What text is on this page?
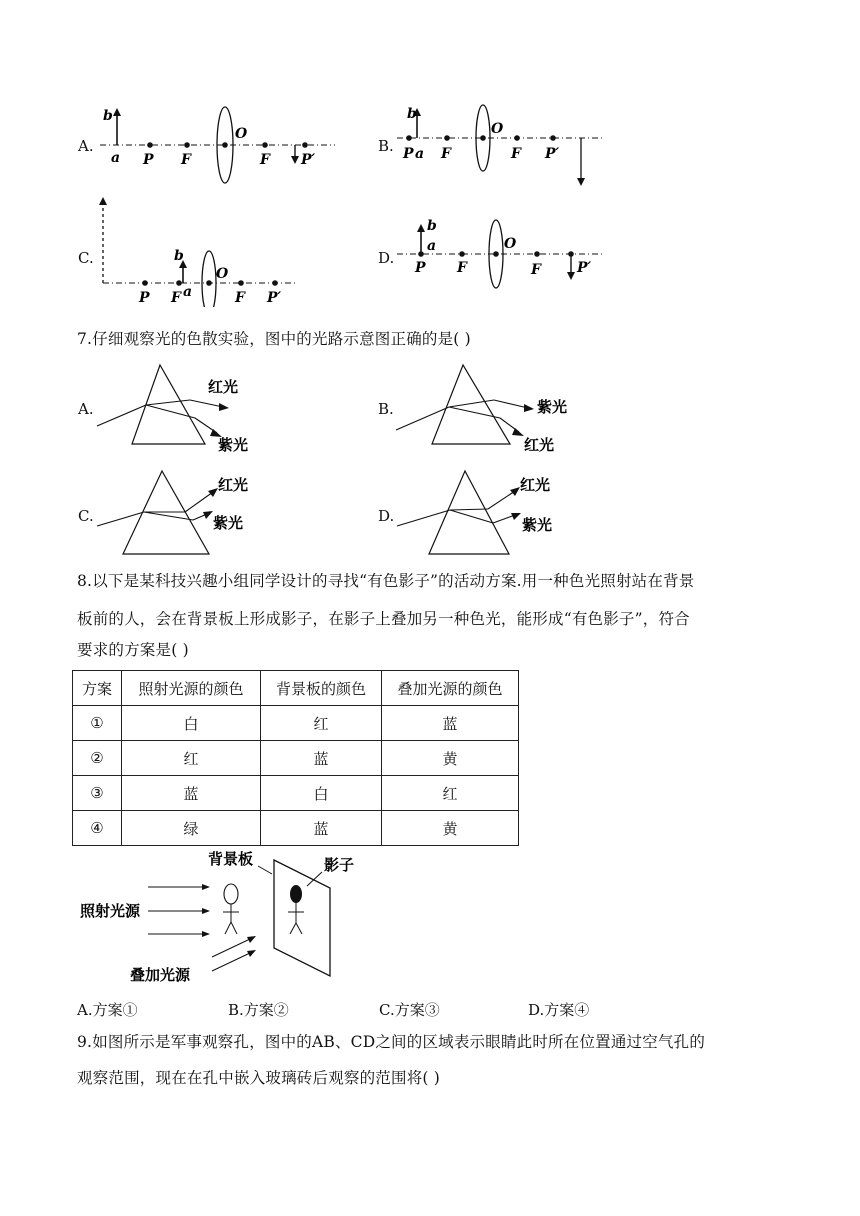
A.
b
a P F
O
F P′
B.
b
P a F
O
F P′
C.	b
P F a
O
F P′
D.
b
a
P F
O
F	P′
7.仔细观察光的色散实验，图中的光路示意图正确的是( )
A.
红光
紫光
B.	紫光
红光
C.
红光
紫光	D.
红光
紫光
8.以下是某科技兴趣小组同学设计的寻找“有色影子”的活动方案.用一种色光照射站在背景
板前的人，会在背景板上形成影子，在影子上叠加另一种色光，能形成“有色影子”，符合
要求的方案是( )
方案	照射光源的颜色	背景板的颜色	叠加光源的颜色
①	白	红	蓝
②	红	蓝	黄
③	蓝	白	红
④	绿	蓝	黄
背景板	影子
照射光源
叠加光源
A.方案①	B.方案②	C.方案③	D.方案④
9.如图所示是军事观察孔，图中的AB、CD之间的区域表示眼睛此时所在位置通过空气孔的
观察范围，现在在孔中嵌入玻璃砖后观察的范围将( )
